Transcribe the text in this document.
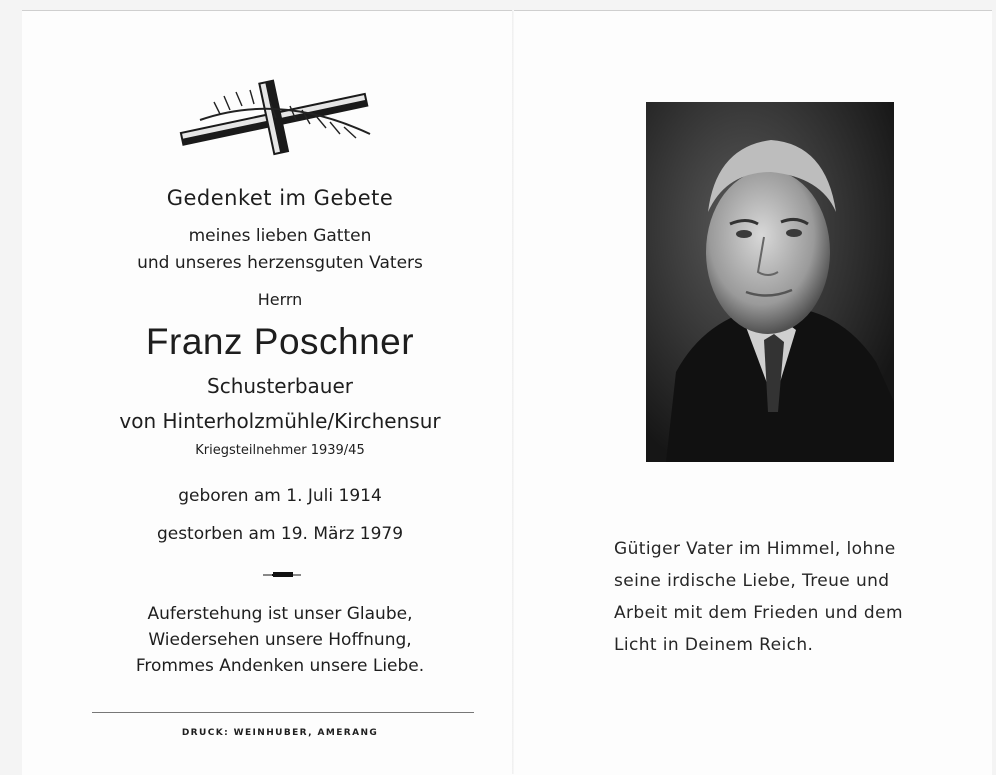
Gedenket im Gebete
meines lieben Gatten
und unseres herzensguten Vaters
Herrn
Franz Poschner
Schusterbauer
von Hinterholzmühle/Kirchensur
Kriegsteilnehmer 1939/45
geboren am 1. Juli 1914
gestorben am 19. März 1979
Auferstehung ist unser Glaube,
Wiedersehen unsere Hoffnung,
Frommes Andenken unsere Liebe.
DRUCK: WEINHUBER, AMERANG
Gütiger Vater im Himmel, lohne
seine irdische Liebe, Treue und
Arbeit mit dem Frieden und dem
Licht in Deinem Reich.
